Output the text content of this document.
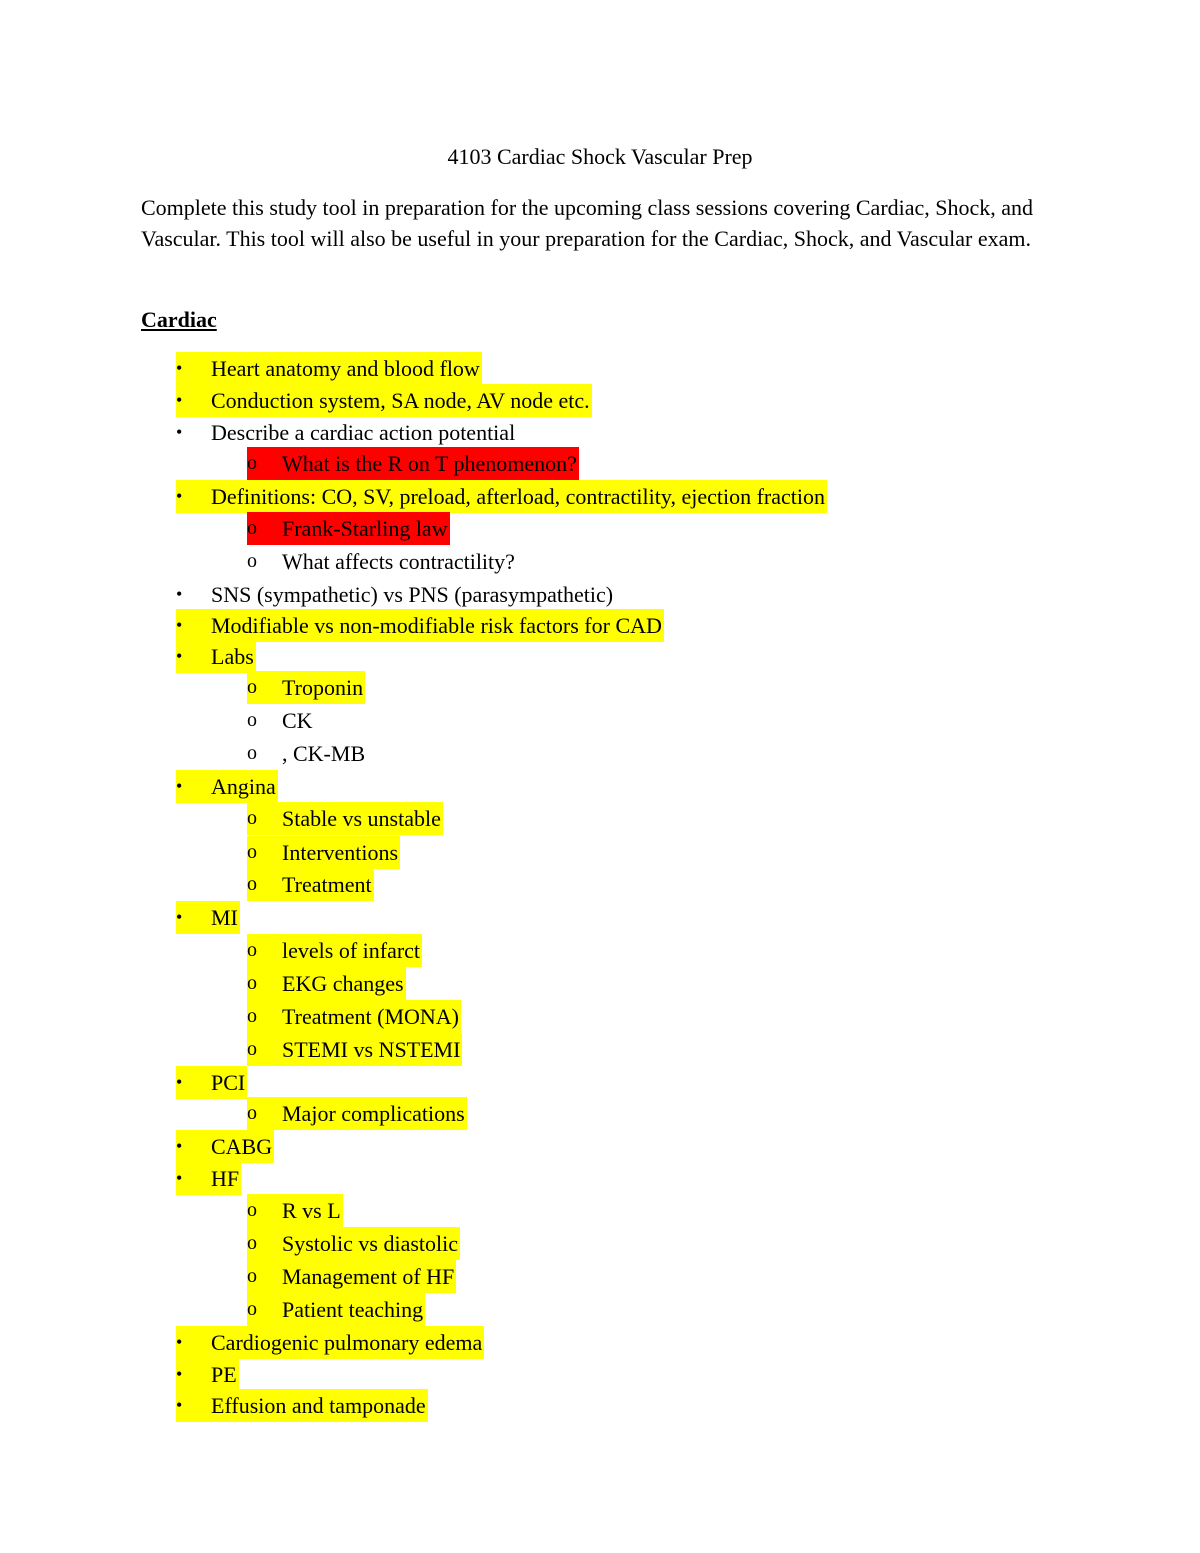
4103 Cardiac Shock Vascular Prep
Complete this study tool in preparation for the upcoming class sessions covering Cardiac, Shock, and Vascular. This tool will also be useful in your preparation for the Cardiac, Shock, and Vascular exam.
Cardiac
•	Heart anatomy and blood flow
•	Conduction system, SA node, AV node etc.
•	Describe a cardiac action potential
o	What is the R on T phenomenon?
•	Definitions: CO, SV, preload, afterload, contractility, ejection fraction
o	Frank-Starling law
o	What affects contractility?
•	SNS (sympathetic) vs PNS (parasympathetic)
•	Modifiable vs non-modifiable risk factors for CAD
•	Labs
o	Troponin
o	CK
o	, CK-MB
•	Angina
o	Stable vs unstable
o	Interventions
o	Treatment
•	MI
o	levels of infarct
o	EKG changes
o	Treatment (MONA)
o	STEMI vs NSTEMI
•	PCI
o	Major complications
•	CABG
•	HF
o	R vs L
o	Systolic vs diastolic
o	Management of HF
o	Patient teaching
•	Cardiogenic pulmonary edema
•	PE
•	Effusion and tamponade
